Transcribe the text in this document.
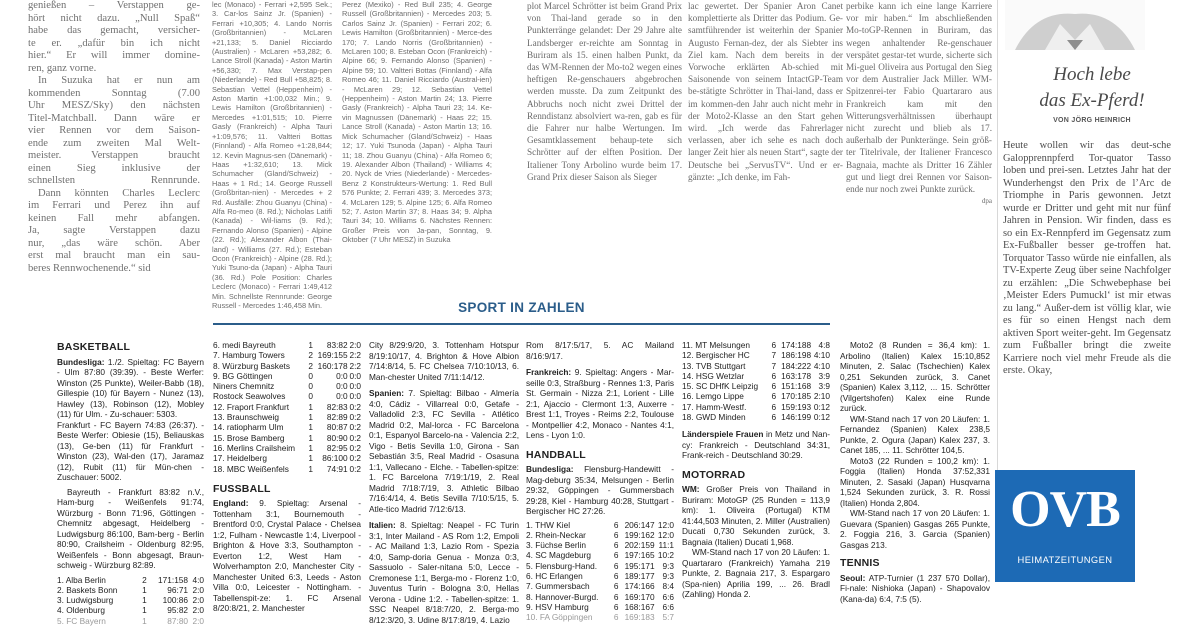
genießen – Verstappen ge-
hört nicht dazu. „Null Spaß“
habe das gemacht, versicher-
te er. „dafür bin ich nicht
hier.“ Er will immer domine-
ren, ganz vorne.
In Suzuka hat er nun am
kommenden Sonntag (7.00
Uhr MESZ/Sky) den nächsten
Titel-Matchball. Dann wäre er
vier Rennen vor dem Saison-
ende zum zweiten Mal Welt-
meister. Verstappen braucht
einen Sieg inklusive der
schnellsten Rennrunde.
Dann könnten Charles Leclerc
im Ferrari und Perez ihn auf
keinen Fall mehr abfangen.
Ja, sagte Verstappen dazu
nur, „das wäre schön. Aber
erst mal braucht man ein sau-
beres Rennwochenende.“ sid

lec (Monaco) - Ferrari +2,595 Sek.; 3. Car-los Sainz Jr. (Spanien) - Ferrari +10,305; 4. Lando Norris (Großbritannien) - McLaren +21,133; 5. Daniel Ricciardo (Australien) - McLaren +53,282; 6. Lance Stroll (Kanada) - Aston Martin +56,330; 7. Max Verstap-pen (Niederlande) - Red Bull +58,825; 8. Sebastian Vettel (Heppenheim) - Aston Martin +1:00,032 Min.; 9. Lewis Hamilton (Großbritannien) - Mercedes +1:01,515; 10. Pierre Gasly (Frankreich) - Alpha Tauri +1:09,576; 11. Valtteri Bottas (Finnland) - Alfa Romeo +1:28,844; 12. Kevin Magnus-sen (Dänemark) - Haas +1:32,610; 13. Mick Schumacher (Gland/Schweiz) - Haas + 1 Rd.; 14. George Russell (Großbritan-nien) - Mercedes + 2 Rd. Ausfälle: Zhou Guanyu (China) - Alfa Ro-meo (8. Rd.); Nicholas Latifi (Kanada) - Wil-liams (9. Rd.); Fernando Alonso (Spanien) - Alpine (22. Rd.); Alexander Albon (Thai-land) - Williams (27. Rd.); Esteban Ocon (Frankreich) - Alpine (28. Rd.); Yuki Tsuno-da (Japan) - Alpha Tauri (36. Rd.) Pole Position: Charles Leclerc (Monaco) - Ferrari 1:49,412 Min. Schnellste Rennrunde: George Russell - Mercedes 1:46,458 Min.

Perez (Mexiko) - Red Bull 235; 4. George Russell (Großbritannien) - Mercedes 203; 5. Carlos Sainz Jr. (Spanien) - Ferrari 202; 6. Lewis Hamilton (Großbritannien) - Merce-des 170; 7. Lando Norris (Großbritannien) - McLaren 100; 8. Esteban Ocon (Frankreich) - Alpine 66; 9. Fernando Alonso (Spanien) - Alpine 59; 10. Valtteri Bottas (Finnland) - Alfa Romeo 46; 11. Daniel Ricciardo (Austral-ien) - McLaren 29; 12. Sebastian Vettel (Heppenheim) - Aston Martin 24; 13. Pierre Gasly (Frankreich) - Alpha Tauri 23; 14. Ke-vin Magnussen (Dänemark) - Haas 22; 15. Lance Stroll (Kanada) - Aston Martin 13; 16. Mick Schumacher (Gland/Schweiz) - Haas 12; 17. Yuki Tsunoda (Japan) - Alpha Tauri 11; 18. Zhou Guanyu (China) - Alfa Romeo 6; 19. Alexander Albon (Thailand) - Williams 4; 20. Nyck de Vries (Niederlande) - Mercedes-Benz 2 Konstrukteurs-Wertung: 1. Red Bull 576 Punkte; 2. Ferrari 439; 3. Mercedes 373; 4. McLaren 129; 5. Alpine 125; 6. Alfa Romeo 52; 7. Aston Martin 37; 8. Haas 34; 9. Alpha Tauri 34; 10. Williams 6. Nächstes Rennen: Großer Preis von Ja-pan, Sonntag, 9. Oktober (7 Uhr MESZ) in Suzuka

plot Marcel Schrötter ist beim Grand Prix von Thai-land gerade so in den Punkterränge gelandet: Der 29 Jahre alte Landsberger er-reichte am Sonntag in Buriram als 15. einen halben Punkt, da das WM-Rennen der Mo-to2 wegen eines heftigen Re-genschauers abgebrochen werden musste. Da zum Zeitpunkt des Abbruchs noch nicht zwei Drittel der Renndistanz absolviert wa-ren, gab es für die Fahrer nur halbe Wertungen. Im Gesamtklassement behaup-tete sich Schrötter auf der elften Position. Der Italiener Tony Arbolino wurde beim 17. Grand Prix dieser Saison als Sieger

lac gewertet. Der Spanier Aron Canet komplettierte als Dritter das Podium. Ge-samtführender ist weiterhin der Spanier Augusto Fernan-dez, der als Siebter ins Ziel kam. Nach dem bereits in der Vorwoche erklärten Ab-schied mit Saisonende von seinem IntactGP-Team be-stätigte Schrötter in Thai-land, dass er im kommen-den Jahr auch nicht mehr in der Moto2-Klasse an den Start gehen wird. „Ich werde das Fahrerlager verlassen, aber ich sehe es nach doch langer Zeit hier als neuen Start“, sagte der Deutsche bei „ServusTV“. Und er er-gänzte: „Ich denke, im Fah-

perbike kann ich eine lange Karriere vor mir haben.“ Im abschließenden Mo-toGP-Rennen in Buriram, das wegen anhaltender Re-genschauer verspätet gestar-tet wurde, sicherte sich Mi-guel Oliveira aus Portugal den Sieg vor dem Australier Jack Miller. WM-Spitzenrei-ter Fabio Quartararo aus Frankreich kam mit den Witterungsverhältnissen überhaupt nicht zurecht und blieb als 17. außerhalb der Punkteränge. Sein größ-ter Titelrivale, der Italiener Francesco Bagnaia, machte als Dritter 16 Zähler gut und liegt drei Rennen vor Saison-ende nur noch zwei Punkte zurück.

dpa

Hoch lebe
das Ex-Pferd!
VON JÖRG HEINRICH

Heute wollen wir das deut-sche Galopprennpferd Tor-quator Tasso loben und prei-sen. Letztes Jahr hat der Wunderhengst den Prix de l’Arc de Triomphe in Paris gewonnen. Jetzt wurde er Dritter und geht mit nur fünf Jahren in Pension. Wir finden, dass es so ein Ex-Rennpferd im Gegensatz zum Ex-Fußballer besser ge-troffen hat. Torquator Tasso würde nie einfallen, als TV-Experte Zeug über seine Nachfolger zu erzählen: „Die Schwebephase bei ‚Meister Eders Pumuckl‘ ist mir etwas zu lang.“ Außer-dem ist völlig klar, wie es für so einen Hengst nach dem aktiven Sport weiter-geht. Im Gegensatz zum Fußballer bringt die zweite Karriere noch viel mehr Freude als die erste. Okay,

SPORT IN ZAHLEN
BASKETBALL

Bundesliga: 1./2. Spieltag: FC Bayern - Ulm 87:80 (39:39). - Beste Werfer: Winston (25 Punkte), Weiler-Babb (18), Gillespie (10) für Bayern - Nunez (13), Hawley (13), Robinson (12), Mobley (11) für Ulm. - Zu-schauer: 5303.

Frankfurt - FC Bayern 74:83 (26:37). - Beste Werfer: Obiesie (15), Beliauskas (13), Ge-ben (11) für Frankfurt - Winston (23), Wal-den (17), Jaramaz (12), Rubit (11) für Mün-chen - Zuschauer: 5002.

Bayreuth - Frankfurt 83:82 n.V., Ham-burg - Weißenfels 91:74, Würzburg - Bonn 71:96, Göttingen - Chemnitz abgesagt, Heidelberg - Ludwigsburg 86:100, Bam-berg - Berlin 80:90, Crailsheim - Oldenburg 82:95, Weißenfels - Bonn abgesagt, Braun-schweig - Würzburg 82:89.

1. Alba Berlin	2	171:158	4:0
2. Baskets Bonn	1	96:71	2:0
3. Ludwigsburg	1	100:86	2:0
4. Oldenburg	1	95:82	2:0
5. FC Bayern	1	87:80	2:0
6. medi Bayreuth	1	83:82	2:0
7. Hamburg Towers	2	169:155	2:2
8. Würzburg Baskets	2	160:178	2:2
9. BG Göttingen	0	0:0	0:0
Niners Chemnitz	0	0:0	0:0
Rostock Seawolves	0	0:0	0:0
12. Fraport Frankfurt	1	82:83	0:2
13. Braunschweig	1	82:89	0:2
14. ratiopharm Ulm	1	80:87	0:2
15. Brose Bamberg	1	80:90	0:2
16. Merlins Crailsheim	1	82:95	0:2
17. Heidelberg	1	86:100	0:2
18. MBC Weißenfels	1	74:91	0:2
FUSSBALL

England: 9. Spieltag: Arsenal - Tottenham 3:1, Bournemouth - Brentford 0:0, Crystal Palace - Chelsea 1:2, Fulham - Newcastle 1:4, Liverpool - Brighton & Hove 3:3, Southampton - Everton 1:2, West Ham - Wolverhampton 2:0, Manchester City - Manchester United 6:3, Leeds - Aston Villa 0:0, Leicester - Nottingham. - Tabellenspit-ze: 1. FC Arsenal 8/20:8/21, 2. Manchester

City 8/29:9/20, 3. Tottenham Hotspur 8/19:10/17, 4. Brighton & Hove Albion 7/14:8/14, 5. FC Chelsea 7/10:10/13, 6. Man-chester United 7/11:14/12.

Spanien: 7. Spieltag: Bilbao - Almería 4:0, Cádiz - Villarreal 0:0, Getafe - Valladolid 2:3, FC Sevilla - Atlético Madrid 0:2, Mal-lorca - FC Barcelona 0:1, Espanyol Barcelo-na - Valencia 2:2, Vigo - Betis Sevilla 1:0, Girona - San Sebastián 3:5, Real Madrid - Osasuna 1:1, Vallecano - Elche. - Tabellen-spitze: 1. FC Barcelona 7/19:1/19, 2. Real Madrid 7/18:7/19, 3. Athletic Bilbao 7/16:4/14, 4. Betis Sevilla 7/10:5/15, 5. Atle-tico Madrid 7/12:6/13.

Italien: 8. Spieltag: Neapel - FC Turin 3:1, Inter Mailand - AS Rom 1:2, Empoli - AC Mailand 1:3, Lazio Rom - Spezia 4:0, Samp-doria Genua - Monza 0:3, Sassuolo - Saler-nitana 5:0, Lecce - Cremonese 1:1, Berga-mo - Florenz 1:0, Juventus Turin - Bologna 3:0, Hellas Verona - Udine 1:2. - Tabellen-spitze: 1. SSC Neapel 8/18:7/20, 2. Berga-mo 8/12:3/20, 3. Udine 8/17:8/19, 4. Lazio

Rom 8/17:5/17, 5. AC Mailand 8/16:9/17.

Frankreich: 9. Spieltag: Angers - Mar-seille 0:3, Straßburg - Rennes 1:3, Paris St. Germain - Nizza 2:1, Lorient - Lille 2:1, Ajaccio - Clermont 1:3, Auxerre - Brest 1:1, Troyes - Reims 2:2, Toulouse - Montpellier 4:2, Monaco - Nantes 4:1, Lens - Lyon 1:0.

HANDBALL

Bundesliga: Flensburg-Handewitt - Mag-deburg 35:34, Melsungen - Berlin 29:32, Göppingen - Gummersbach 29:28, Kiel - Hamburg 40:28, Stuttgart - Bergischer HC 27:26.

1. THW Kiel	6	206:147	12:0
2. Rhein-Neckar	6	199:162	12:0
3. Füchse Berlin	6	202:159	11:1
4. SC Magdeburg	6	197:165	10:2
5. Flensburg-Hand.	6	195:171	9:3
6. HC Erlangen	6	189:177	9:3
7. Gummersbach	6	174:166	8:4
8. Hannover-Burgd.	6	169:170	6:6
9. HSV Hamburg	6	168:167	6:6
10. FA Göppingen	6	169:183	5:7
11. MT Melsungen	6	174:188	4:8
12. Bergischer HC	7	186:198	4:10
13. TVB Stuttgart	7	184:222	4:10
14. HSG Wetzlar	6	163:178	3:9
15. SC DHfK Leipzig	6	151:168	3:9
16. Lemgo Lippe	6	170:185	2:10
17. Hamm-Westf.	6	159:193	0:12
18. GWD Minden	6	146:199	0:12

Länderspiele Frauen in Metz und Nan-cy: Frankreich - Deutschland 34:31, Frank-reich - Deutschland 30:29.

MOTORRAD

WM: Großer Preis von Thailand in Buriram: MotoGP (25 Runden = 113,9 km): 1. Oliveira (Portugal) KTM 41:44,503 Minuten, 2. Miller (Australien) Ducati 0,730 Sekunden zurück, 3. Bagnaia (Italien) Ducati 1,968.

WM-Stand nach 17 von 20 Läufen: 1. Quartararo (Frankreich) Yamaha 219 Punkte, 2. Bagnaia 217, 3. Espargaro (Spa-nien) Aprilia 199, ... 26. Bradl (Zahling) Honda 2.

Moto2 (8 Runden = 36,4 km): 1. Arbolino (Italien) Kalex 15:10,852 Minuten, 2. Salac (Tschechien) Kalex 0,251 Sekunden zurück, 3. Canet (Spanien) Kalex 3,112, ... 15. Schrötter (Vilgertshofen) Kalex eine Runde zurück.

WM-Stand nach 17 von 20 Läufen: 1. Fernandez (Spanien) Kalex 238,5 Punkte, 2. Ogura (Japan) Kalex 237, 3. Canet 185, ... 11. Schrötter 104,5.

Moto3 (22 Runden = 100,2 km): 1. Foggia (Italien) Honda 37:52,331 Minuten, 2. Sasaki (Japan) Husqvarna 1,524 Sekunden zurück, 3. R. Rossi (Italien) Honda 2,804.

WM-Stand nach 17 von 20 Läufen: 1. Guevara (Spanien) Gasgas 265 Punkte, 2. Foggia 216, 3. Garcia (Spanien) Gasgas 213.

TENNIS

Seoul: ATP-Turnier (1 237 570 Dollar), Fi-nale: Nishioka (Japan) - Shapovalov (Kana-da) 6:4, 7:5 (5).

OVB
HEIMATZEITUNGEN
